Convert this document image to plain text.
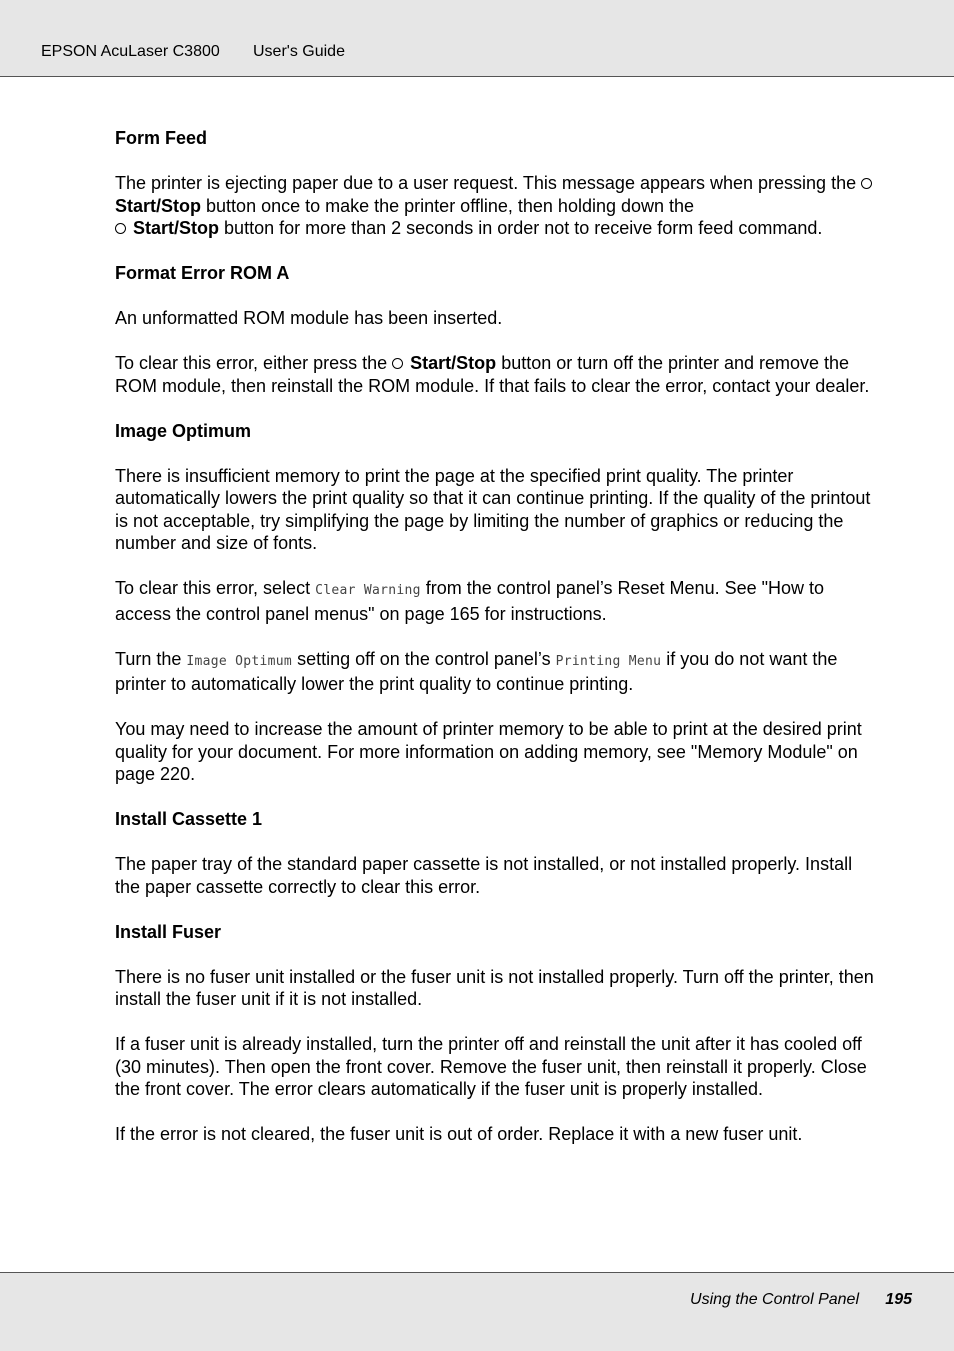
EPSON AcuLaser C3800 User's Guide
Form Feed

The printer is ejecting paper due to a user request. This message appears when pressing the  Start/Stop button once to make the printer offline, then holding down the
Start/Stop button for more than 2 seconds in order not to receive form feed command.

Format Error ROM A

An unformatted ROM module has been inserted.

To clear this error, either press the Start/Stop button or turn off the printer and remove the ROM module, then reinstall the ROM module. If that fails to clear the error, contact your dealer.

Image Optimum

There is insufficient memory to print the page at the specified print quality. The printer automatically lowers the print quality so that it can continue printing. If the quality of the printout is not acceptable, try simplifying the page by limiting the number of graphics or reducing the number and size of fonts.

To clear this error, select Clear Warning from the control panel’s Reset Menu. See "How to access the control panel menus" on page 165 for instructions.

Turn the Image Optimum setting off on the control panel’s Printing Menu if you do not want the printer to automatically lower the print quality to continue printing.

You may need to increase the amount of printer memory to be able to print at the desired print quality for your document. For more information on adding memory, see "Memory Module" on page 220.

Install Cassette 1

The paper tray of the standard paper cassette is not installed, or not installed properly. Install the paper cassette correctly to clear this error.

Install Fuser

There is no fuser unit installed or the fuser unit is not installed properly. Turn off the printer, then install the fuser unit if it is not installed.

If a fuser unit is already installed, turn the printer off and reinstall the unit after it has cooled off (30 minutes). Then open the front cover. Remove the fuser unit, then reinstall it properly. Close the front cover. The error clears automatically if the fuser unit is properly installed.

If the error is not cleared, the fuser unit is out of order. Replace it with a new fuser unit.

Using the Control Panel 195
